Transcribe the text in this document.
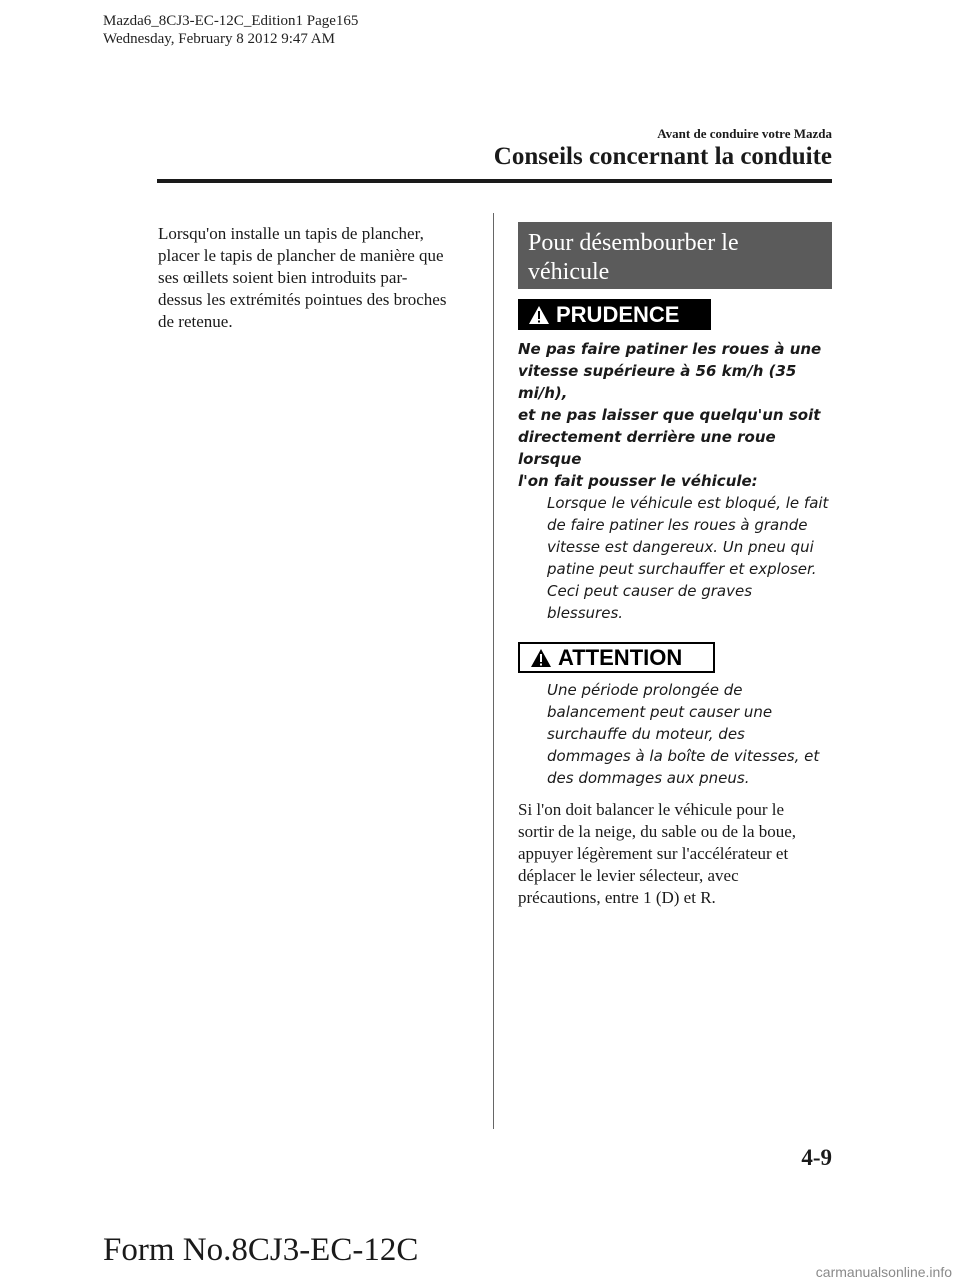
Mazda6_8CJ3-EC-12C_Edition1 Page165
Wednesday, February 8 2012 9:47 AM
Avant de conduire votre Mazda
Conseils concernant la conduite
Lorsqu'on installe un tapis de plancher,
placer le tapis de plancher de manière que
ses œillets soient bien introduits par-
dessus les extrémités pointues des broches
de retenue.
Pour désembourber le
véhicule
PRUDENCE
Ne pas faire patiner les roues à une
vitesse supérieure à 56 km/h (35 mi/h),
et ne pas laisser que quelqu'un soit
directement derrière une roue lorsque
l'on fait pousser le véhicule:
Lorsque le véhicule est bloqué, le fait
de faire patiner les roues à grande
vitesse est dangereux. Un pneu qui
patine peut surchauffer et exploser.
Ceci peut causer de graves blessures.
ATTENTION
Une période prolongée de
balancement peut causer une
surchauffe du moteur, des
dommages à la boîte de vitesses, et
des dommages aux pneus.
Si l'on doit balancer le véhicule pour le
sortir de la neige, du sable ou de la boue,
appuyer légèrement sur l'accélérateur et
déplacer le levier sélecteur, avec
précautions, entre 1 (D) et R.
4-9
Form No.8CJ3-EC-12C
carmanualsonline.info
